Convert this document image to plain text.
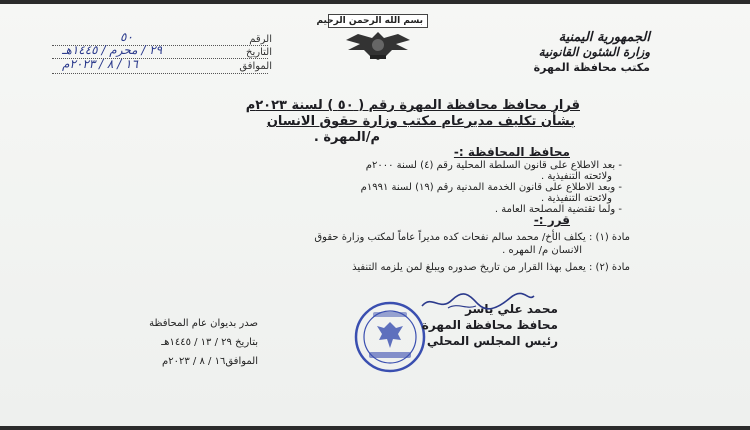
الجمهورية اليمنية
وزارة الشئون القانونية
مكتب محافظة المهرة
بسم الله الرحمن الرحيم
الرقم
التاريخ
الموافق
٥٠
٢٩ / محرم / ١٤٤٥هـ
١٦ / ٨ / ٢٠٢٣م
قرار محافظ محافظة المهرة رقم ( ٥٠ ) لسنة ٢٠٢٣م
بشأن تكليف مديرعام مكتب وزارة حقوق الانسان
م/المهرة .
محافظ المحافظة :-
- بعد الاطلاع على قانون السلطة المحلية رقم (٤) لسنة ٢٠٠٠م
ولائحته التنفيذية .
- وبعد الاطلاع على قانون الخدمة المدنية رقم (١٩) لسنة ١٩٩١م
ولائحته التنفيذية .
- ولما تقتضية المصلحة العامة .
قرر :-
مادة (١) : يكلف الأخ/ محمد سالم نفحات كده مديراً عاماً لمكتب وزارة حقوق
الانسان م/ المهره .
مادة (٢) : يعمل بهذا القرار من تاريخ صدوره ويبلغ لمن يلزمه التنفيذ
صدر بديوان عام المحافظة
بتاريخ ٢٩ / ١٣ / ١٤٤٥هـ
الموافق١٦ / ٨ / ٢٠٢٣م
محمد علي ياسر
محافظ محافظة المهرة
رئيس المجلس المحلي
